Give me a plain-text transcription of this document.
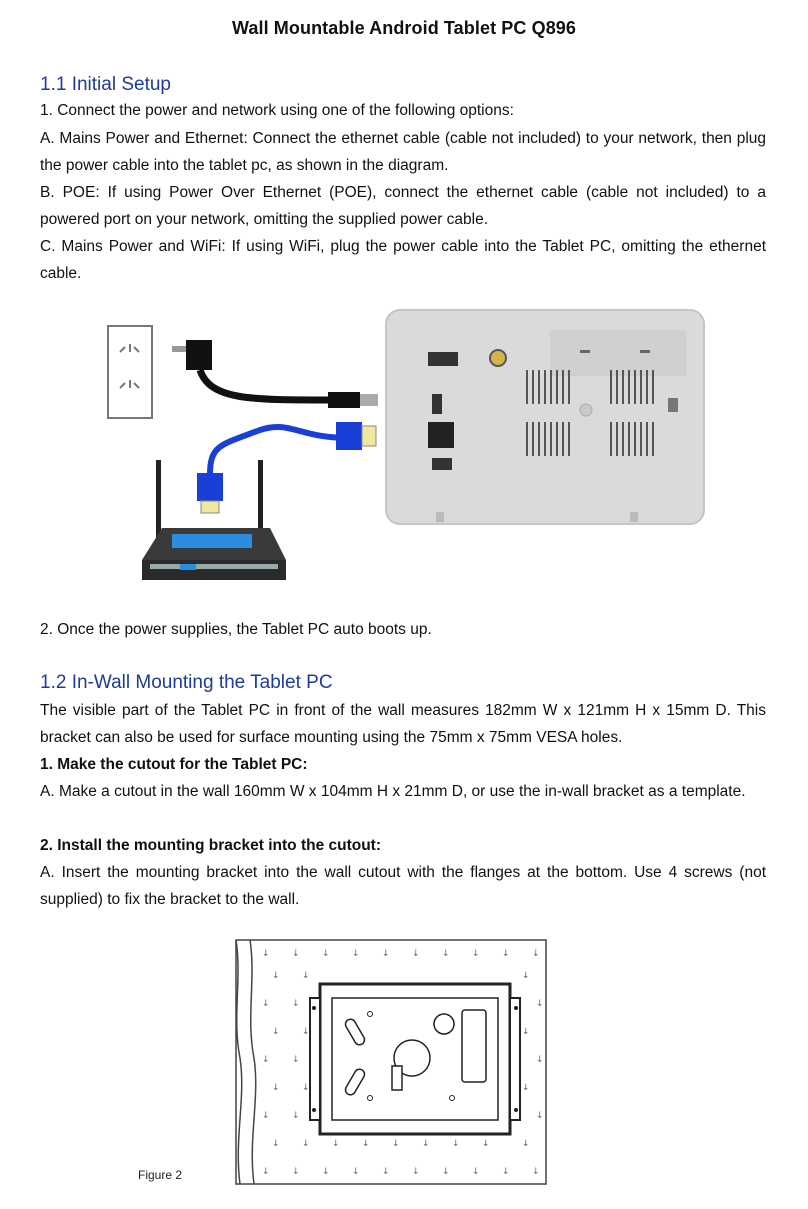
Wall Mountable Android Tablet PC Q896
1.1 Initial Setup
1. Connect the power and network using one of the following options:
A. Mains Power and Ethernet: Connect the ethernet cable (cable not included) to your network, then plug the power cable into the tablet pc, as shown in the diagram.
B. POE: If using Power Over Ethernet (POE), connect the ethernet cable (cable not included) to a powered port on your network, omitting the supplied power cable.
C. Mains Power and WiFi: If using WiFi, plug the power cable into the Tablet PC, omitting the ethernet cable.
2. Once the power supplies, the Tablet PC auto boots up.
1.2 In-Wall Mounting the Tablet PC
The visible part of the Tablet PC in front of the wall measures 182mm W x 121mm H x 15mm D. This bracket can also be used for surface mounting using the 75mm x 75mm VESA holes.
1. Make the cutout for the Tablet PC:
A. Make a cutout in the wall 160mm W x 104mm H x 21mm D, or use the in-wall bracket as a template.
2. Install the mounting bracket into the cutout:
A. Insert the mounting bracket into the wall cutout with the flanges at the bottom. Use 4 screws (not supplied) to fix the bracket to the wall.
↓ ↓ ↓ ↓ ↓ ↓ ↓ ↓ ↓ ↓
↓ ↓	↓
↓ ↓	↓
↓ ↓	↓
↓ ↓	↓
↓ ↓	↓
↓ ↓	↓
↓ ↓ ↓ ↓ ↓ ↓ ↓ ↓	↓
↓ ↓ ↓ ↓ ↓ ↓ ↓ ↓ ↓ ↓
Figure 2
